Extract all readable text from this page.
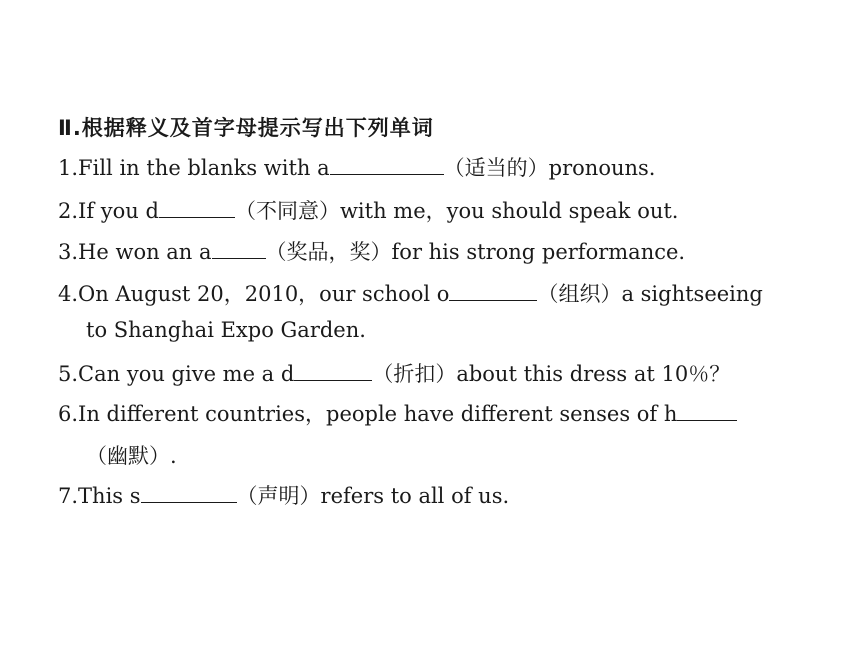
Ⅱ.根据释义及首字母提示写出下列单词
1.Fill in the blanks with a	（适当的）pronouns.
2.If you d	（不同意）with me，you should speak out.
3.He won an a	（奖品，奖）for his strong performance.
4.On August 20，2010，our school o	（组织）a sightseeing
to Shanghai Expo Garden.
5.Can you give me a d	（折扣）about this dress at 10％？
6.In different countries，people have different senses of h
（幽默）.
7.This s	（声明）refers to all of us.
